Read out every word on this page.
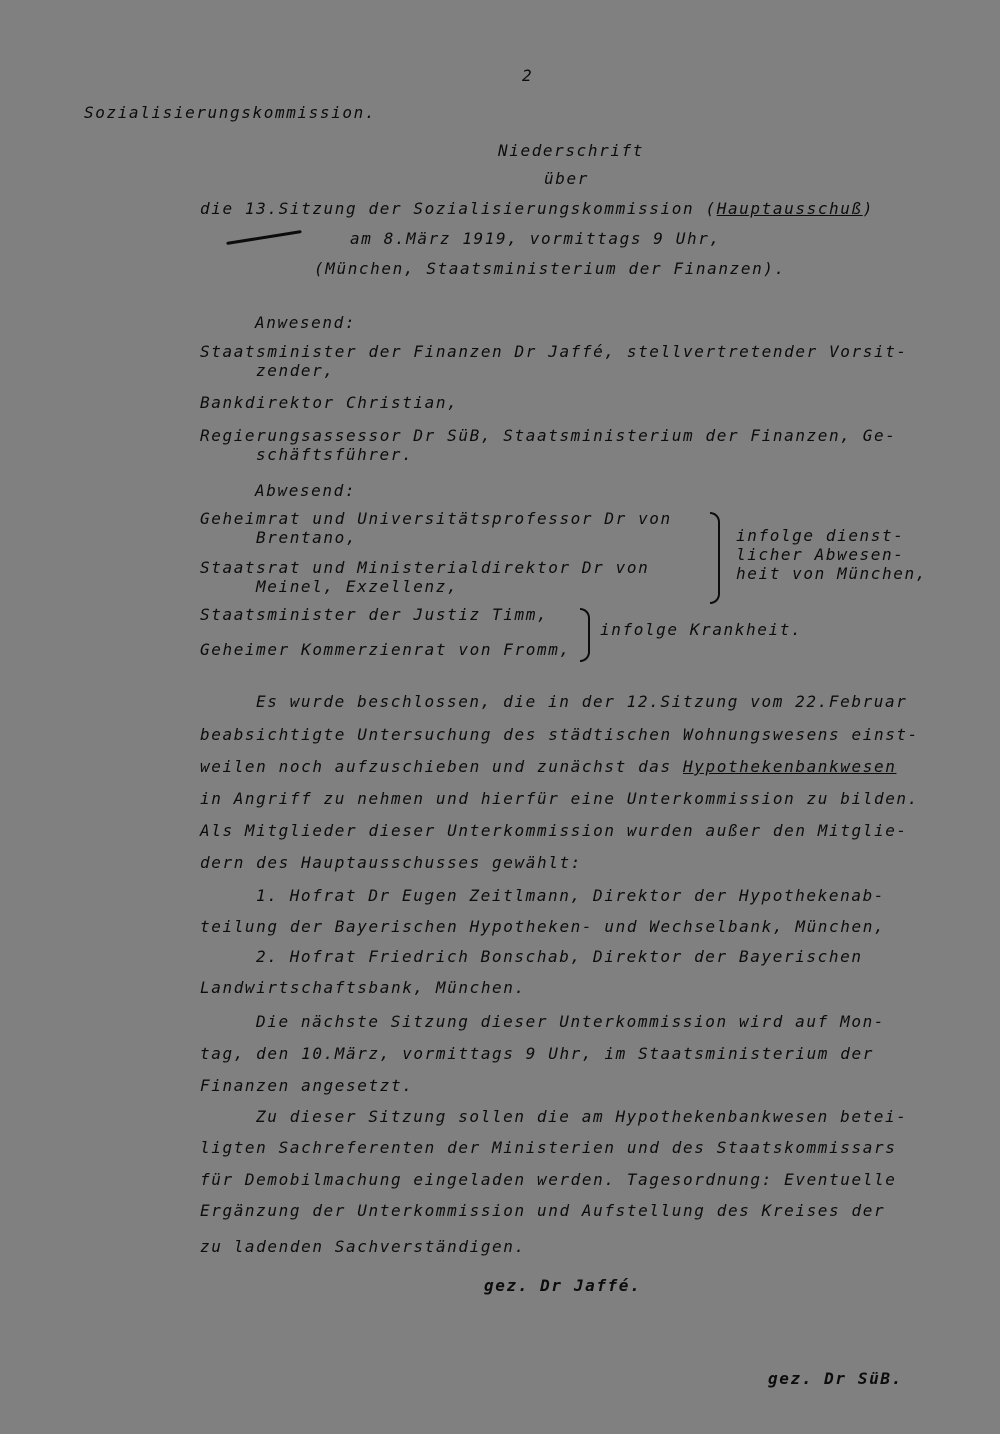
2
Sozialisierungskommission.
Niederschrift
über
die 13.Sitzung der Sozialisierungskommission (Hauptausschuß)
am 8.März 1919, vormittags 9 Uhr,
(München, Staatsministerium der Finanzen).
Anwesend:
Staatsminister der Finanzen Dr Jaffé, stellvertretender Vorsit-
zender,
Bankdirektor Christian,
Regierungsassessor Dr SüB, Staatsministerium der Finanzen, Ge-
schäftsführer.
Abwesend:
Geheimrat und Universitätsprofessor Dr von
Brentano,
Staatsrat und Ministerialdirektor Dr von
Meinel, Exzellenz,
infolge dienst-
licher Abwesen-
heit von München,
Staatsminister der Justiz Timm,
Geheimer Kommerzienrat von Fromm,
infolge Krankheit.
Es wurde beschlossen, die in der 12.Sitzung vom 22.Februar
beabsichtigte Untersuchung des städtischen Wohnungswesens einst-
weilen noch aufzuschieben und zunächst das Hypothekenbankwesen
in Angriff zu nehmen und hierfür eine Unterkommission zu bilden.
Als Mitglieder dieser Unterkommission wurden außer den Mitglie-
dern des Hauptausschusses gewählt:
1. Hofrat Dr Eugen Zeitlmann, Direktor der Hypothekenab-
teilung der Bayerischen Hypotheken- und Wechselbank, München,
2. Hofrat Friedrich Bonschab, Direktor der Bayerischen
Landwirtschaftsbank, München.
Die nächste Sitzung dieser Unterkommission wird auf Mon-
tag, den 10.März, vormittags 9 Uhr, im Staatsministerium der
Finanzen angesetzt.
Zu dieser Sitzung sollen die am Hypothekenbankwesen betei-
ligten Sachreferenten der Ministerien und des Staatskommissars
für Demobilmachung eingeladen werden. Tagesordnung: Eventuelle
Ergänzung der Unterkommission und Aufstellung des Kreises der
zu ladenden Sachverständigen.
gez. Dr Jaffé.
gez. Dr SüB.
